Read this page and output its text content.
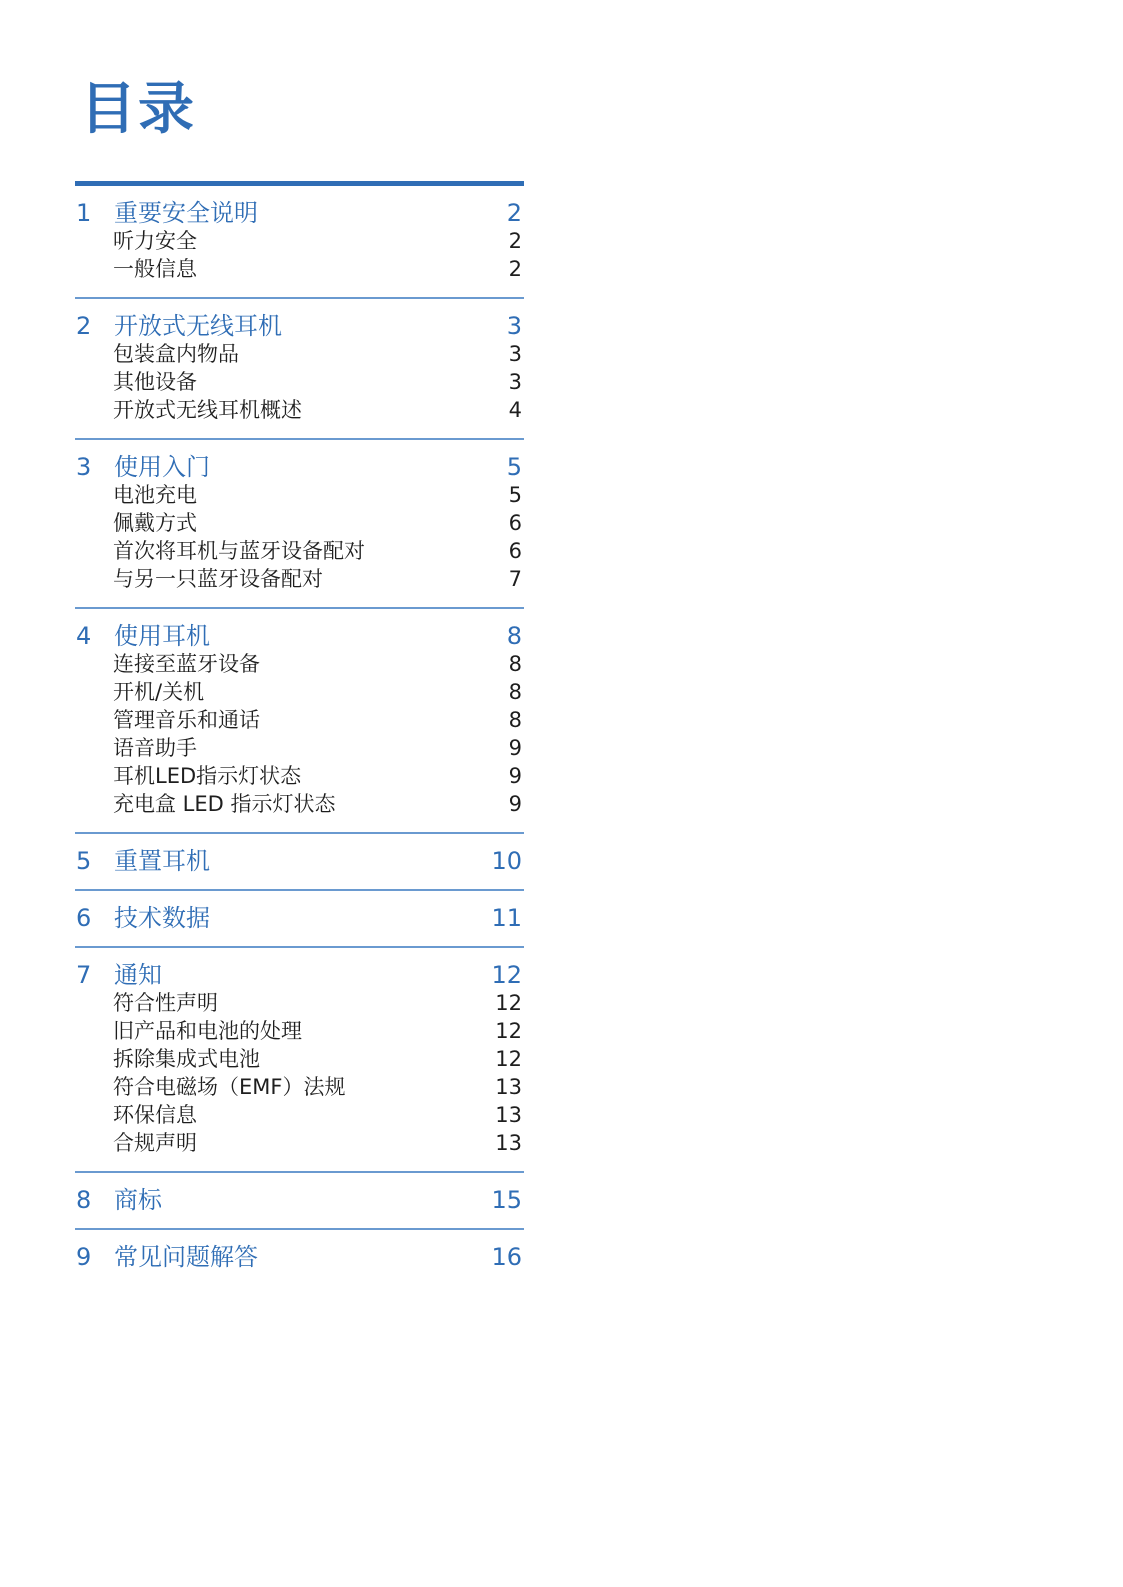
目录
1 重要安全说明	2
听力安全	2
一般信息	2
2 开放式无线耳机	3
包装盒内物品	3
其他设备	3
开放式无线耳机概述	4
3 使用入门	5
电池充电	5
佩戴方式	6
首次将耳机与蓝牙设备配对	6
与另一只蓝牙设备配对	7
4 使用耳机	8
连接至蓝牙设备	8
开机/关机	8
管理音乐和通话	8
语音助手	9
耳机LED指示灯状态	9
充电盒 LED 指示灯状态	9
5 重置耳机	10
6 技术数据	11
7 通知	12
符合性声明	12
旧产品和电池的处理	12
拆除集成式电池	12
符合电磁场（EMF）法规	13
环保信息	13
合规声明	13
8 商标	15
9 常见问题解答	16
